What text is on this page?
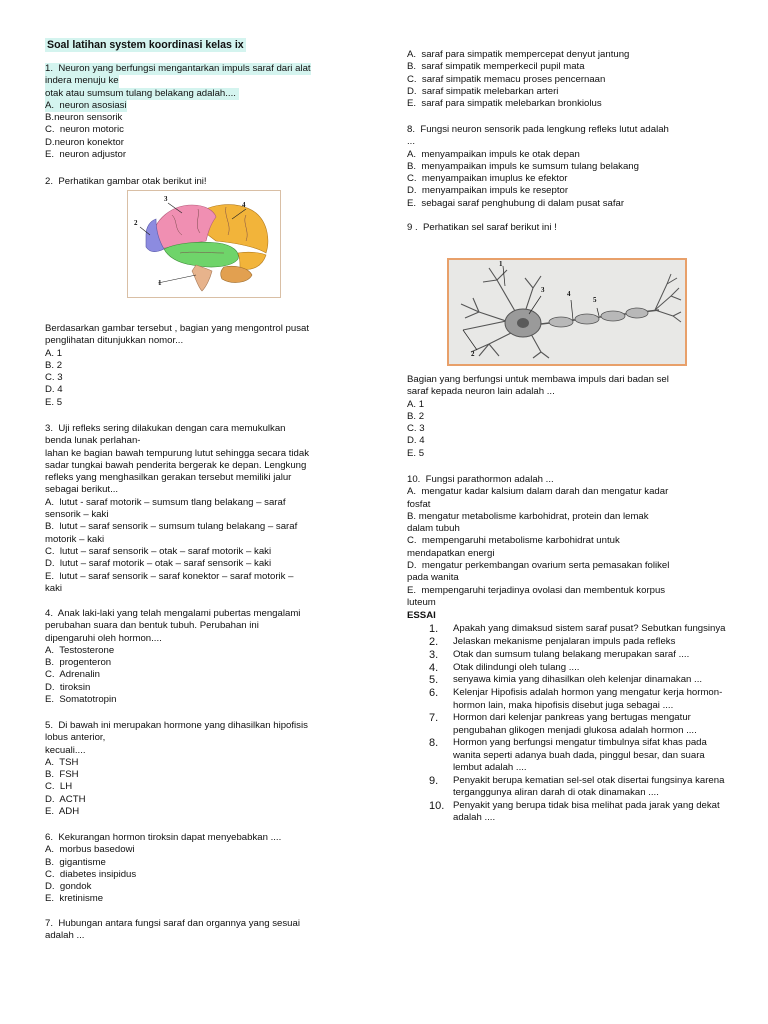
Soal latihan system koordinasi kelas ix
1.  Neuron yang berfungsi mengantarkan impuls saraf dari alat
indera menuju ke
otak atau sumsum tulang belakang adalah....

A.  neuron asosiasi

B.neuron sensorik
C.  neuron motoric
D.neuron konektor
E.  neuron adjustor
2.  Perhatikan gambar otak berikut ini!
Berdasarkan gambar tersebut , bagian yang mengontrol pusat
penglihatan ditunjukkan nomor...
A. 1
B. 2
C. 3
D. 4
E. 5
3.  Uji refleks sering dilakukan dengan cara memukulkan
benda lunak perlahan-
lahan ke bagian bawah tempurung lutut sehingga secara tidak
sadar tungkai bawah penderita bergerak ke depan. Lengkung
refleks yang menghasilkan gerakan tersebut memiliki jalur
sebagai berikut...
A.  lutut - saraf motorik – sumsum tlang belakang – saraf
sensorik – kaki
B.  lutut – saraf sensorik – sumsum tulang belakang – saraf
motorik – kaki
C.  lutut – saraf sensorik – otak – saraf motorik – kaki
D.  lutut – saraf motorik – otak – saraf sensorik – kaki
E.  lutut – saraf sensorik – saraf konektor – saraf motorik –
kaki
4.  Anak laki-laki yang telah mengalami pubertas mengalami
perubahan suara dan bentuk tubuh. Perubahan ini
dipengaruhi oleh hormon....
A.  Testosterone
B.  progenteron
C.  Adrenalin
D.  tiroksin
E.  Somatotropin
5.  Di bawah ini merupakan hormone yang dihasilkan hipofisis
lobus anterior,
kecuali....
A.  TSH
B.  FSH
C.  LH
D.  ACTH
E.  ADH
6.  Kekurangan hormon tiroksin dapat menyebabkan ....
A.  morbus basedowi
B.  gigantisme
C.  diabetes insipidus
D.  gondok
E.  kretinisme
7.  Hubungan antara fungsi saraf dan organnya yang sesuai
adalah ...
3
4
2
1
A.  saraf para simpatik mempercepat denyut jantung
B.  saraf simpatik memperkecil pupil mata
C.  saraf simpatik memacu proses pencernaan
D.  saraf simpatik melebarkan arteri
E.  saraf para simpatik melebarkan bronkiolus
8.  Fungsi neuron sensorik pada lengkung refleks lutut adalah
...
A.  menyampaikan impuls ke otak depan
B.  menyampaikan impuls ke sumsum tulang belakang
C.  menyampaikan imuplus ke efektor
D.  menyampaikan impuls ke reseptor
E.  sebagai saraf penghubung di dalam pusat safar
9 .  Perhatikan sel saraf berikut ini !
Bagian yang berfungsi untuk membawa impuls dari badan sel
saraf kepada neuron lain adalah ...
A. 1
B. 2
C. 3
D. 4
E. 5
10.  Fungsi parathormon adalah ...
A.  mengatur kadar kalsium dalam darah dan mengatur kadar
fosfat
B. mengatur metabolisme karbohidrat, protein dan lemak
dalam tubuh
C.  mempengaruhi metabolisme karbohidrat untuk
mendapatkan energi
D.  mengatur perkembangan ovarium serta pemasakan folikel
pada wanita
E.  mempengaruhi terjadinya ovolasi dan membentuk korpus
luteum
ESSAI
1. Apakah yang dimaksud sistem saraf pusat? Sebutkan fungsinya
2. Jelaskan mekanisme penjalaran impuls pada refleks
3. Otak dan sumsum tulang belakang merupakan saraf ....
4. Otak dilindungi oleh tulang ....
5. senyawa kimia yang dihasilkan oleh kelenjar dinamakan ...
6. Kelenjar Hipofisis adalah hormon yang mengatur kerja hormon-hormon lain, maka hipofisis disebut juga sebagai ....
7. Hormon dari kelenjar pankreas yang bertugas mengatur pengubahan glikogen menjadi glukosa adalah hormon ....
8. Hormon yang berfungsi mengatur timbulnya sifat khas pada wanita seperti adanya buah dada, pinggul besar, dan suara lembut adalah ....
9. Penyakit berupa kematian sel-sel otak disertai fungsinya karena terganggunya aliran darah di otak dinamakan ....
10. Penyakit yang berupa tidak bisa melihat pada jarak yang dekat adalah ....
1
3	4
5
2
